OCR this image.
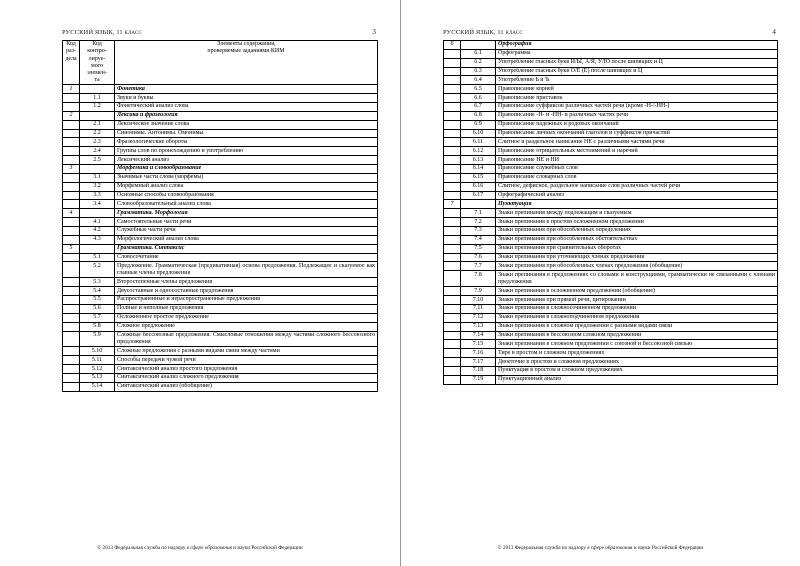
РУССКИЙ ЯЗЫК, 11 класс	3
Код
раз-
дела	Код
контро-
лируе-
мого
элемен-
та	Элементы содержания,
проверяемые заданиями КИМ
1		Фонетика
	1.1	Звуки и буквы
	1.2	Фонетический анализ слова
2		Лексика и фразеология
	2.1	Лексическое значение слова
	2.2	Синонимы. Антонимы. Омонимы
	2.3	Фразеологические обороты
	2.4	Группы слов по происхождению и употреблению
	2.5	Лексический анализ
3		Морфемика и словообразование
	3.1	Значимые части слова (морфемы)
	3.2	Морфемный анализ слова
	3.3	Основные способы словообразования
	3.4	Словообразовательный анализ слова
4		Грамматика. Морфология
	4.1	Самостоятельные части речи
	4.2	Служебные части речи
	4.3	Морфологический анализ слова
5		Грамматика. Синтаксис
	5.1	Словосочетание
	5.2	Предложение. Грамматическая (предикативная) основа предложения. Подлежащее и сказуемое как главные члены предложения
	5.3	Второстепенные члены предложения
	5.4	Двусоставные и односоставные предложения
	5.5	Распространенные и нераспространенные предложения
	5.6	Полные и неполные предложения
	5.7	Осложненное простое предложение
	5.8	Сложное предложение
	5.9	Сложные бессоюзные предложения. Смысловые отношения между частями сложного бессоюзного предложения
	5.10	Сложные предложения с разными видами связи между частями
	5.11	Способы передачи чужой речи
	5.12	Синтаксический анализ простого предложения
	5.13	Синтаксический анализ сложного предложения
	5.14	Синтаксический анализ (обобщение)
© 2013 Федеральная служба по надзору в сфере образования и науки Российской Федерации
РУССКИЙ ЯЗЫК, 11 класс	4
6		Орфография
	6.1	Орфограмма
	6.2	Употребление гласных букв И/Ы, А/Я, У/Ю после шипящих и Ц
	6.3	Употребление гласных букв О/Е (Ё) после шипящих и Ц
	6.4	Употребление Ь и Ъ
	6.5	Правописание корней
	6.6	Правописание приставок
	6.7	Правописание суффиксов различных частей речи (кроме -Н-/-НН-)
	6.8	Правописание -Н- и -НН- в различных частях речи
	6.9	Правописание падежных и родовых окончаний
	6.10	Правописание личных окончаний глаголов и суффиксов причастий
	6.11	Слитное и раздельное написание НЕ с различными частями речи
	6.12	Правописание отрицательных местоимений и наречий
	6.13	Правописание НЕ и НИ
	6.14	Правописание служебных слов
	6.15	Правописание словарных слов
	6.16	Слитное, дефисное, раздельное написание слов различных частей речи
	6.17	Орфографический анализ
7		Пунктуация
	7.1	Знаки препинания между подлежащим и сказуемым
	7.2	Знаки препинания в простом осложненном предложении
	7.3	Знаки препинания при обособленных определениях
	7.4	Знаки препинания при обособленных обстоятельствах
	7.5	Знаки препинания при сравнительных оборотах
	7.6	Знаки препинания при уточняющих членах предложения
	7.7	Знаки препинания при обособленных членах предложения (обобщение)
	7.8	Знаки препинания в предложениях со словами и конструкциями, грамматически не связанными с членами предложения
	7.9	Знаки препинания в осложненном предложении (обобщение)
	7.10	Знаки препинания при прямой речи, цитировании
	7.11	Знаки препинания в сложносочиненном предложении
	7.12	Знаки препинания в сложноподчиненном предложении
	7.13	Знаки препинания в сложном предложении с разными видами связи
	7.14	Знаки препинания в бессоюзном сложном предложении
	7.15	Знаки препинания в сложном предложении с союзной и бессоюзной связью
	7.16	Тире в простом и сложном предложениях
	7.17	Двоеточие в простом и сложном предложениях
	7.18	Пунктуация в простом и сложном предложениях
	7.19	Пунктуационный анализ
© 2013 Федеральная служба по надзору в сфере образования и науки Российской Федерации
